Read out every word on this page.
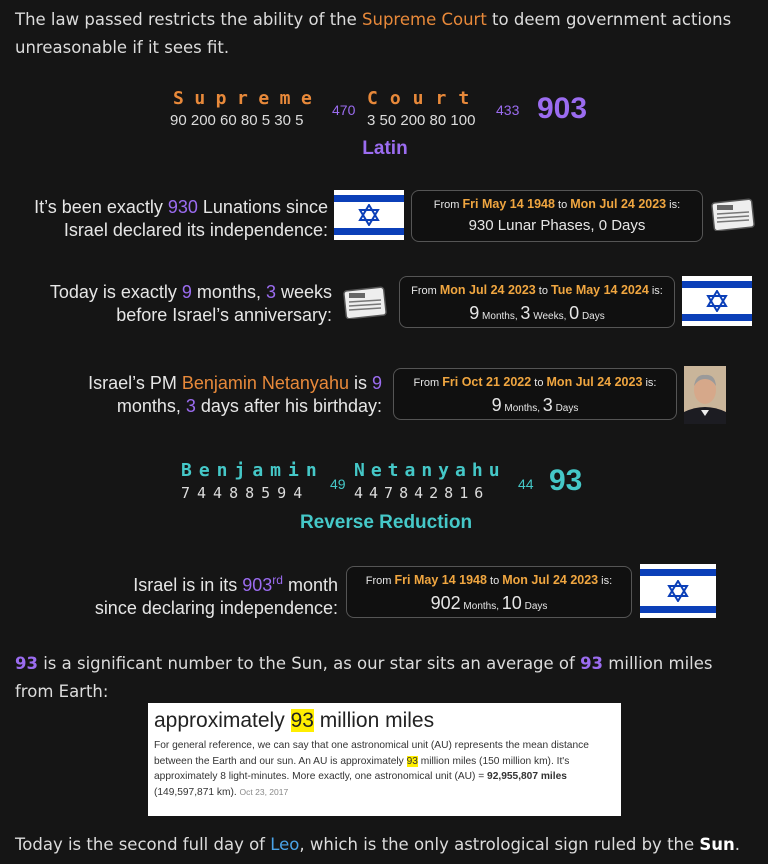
The law passed restricts the ability of the Supreme Court to deem government actions unreasonable if it sees fit.
Supreme
90 200 60 80 5 30 5
470
Court
3 50 200 80 100
433 903
Latin
It’s been exactly 930 Lunations since
Israel declared its independence:
From Fri May 14 1948 to Mon Jul 24 2023 is:
930 Lunar Phases, 0 Days
Today is exactly 9 months, 3 weeks
before Israel’s anniversary:
From Mon Jul 24 2023 to Tue May 14 2024 is:
9 Months, 3 Weeks, 0 Days
Israel’s PM Benjamin Netanyahu is 9
months, 3 days after his birthday:
From Fri Oct 21 2022 to Mon Jul 24 2023 is:
9 Months, 3 Days
Benjamin
74488594 49
Netanyahu
447842816 44 93
Reverse Reduction
Israel is in its 903rd month
since declaring independence:
From Fri May 14 1948 to Mon Jul 24 2023 is:
902 Months, 10 Days
93 is a significant number to the Sun, as our star sits an average of 93 million miles from Earth:
approximately 93 million miles
For general reference, we can say that one astronomical unit (AU) represents the mean distance between the Earth and our sun. An AU is approximately 93 million miles (150 million km). It's approximately 8 light-minutes. More exactly, one astronomical unit (AU) = 92,955,807 miles (149,597,871 km). Oct 23, 2017
Today is the second full day of Leo, which is the only astrological sign ruled by the Sun.
